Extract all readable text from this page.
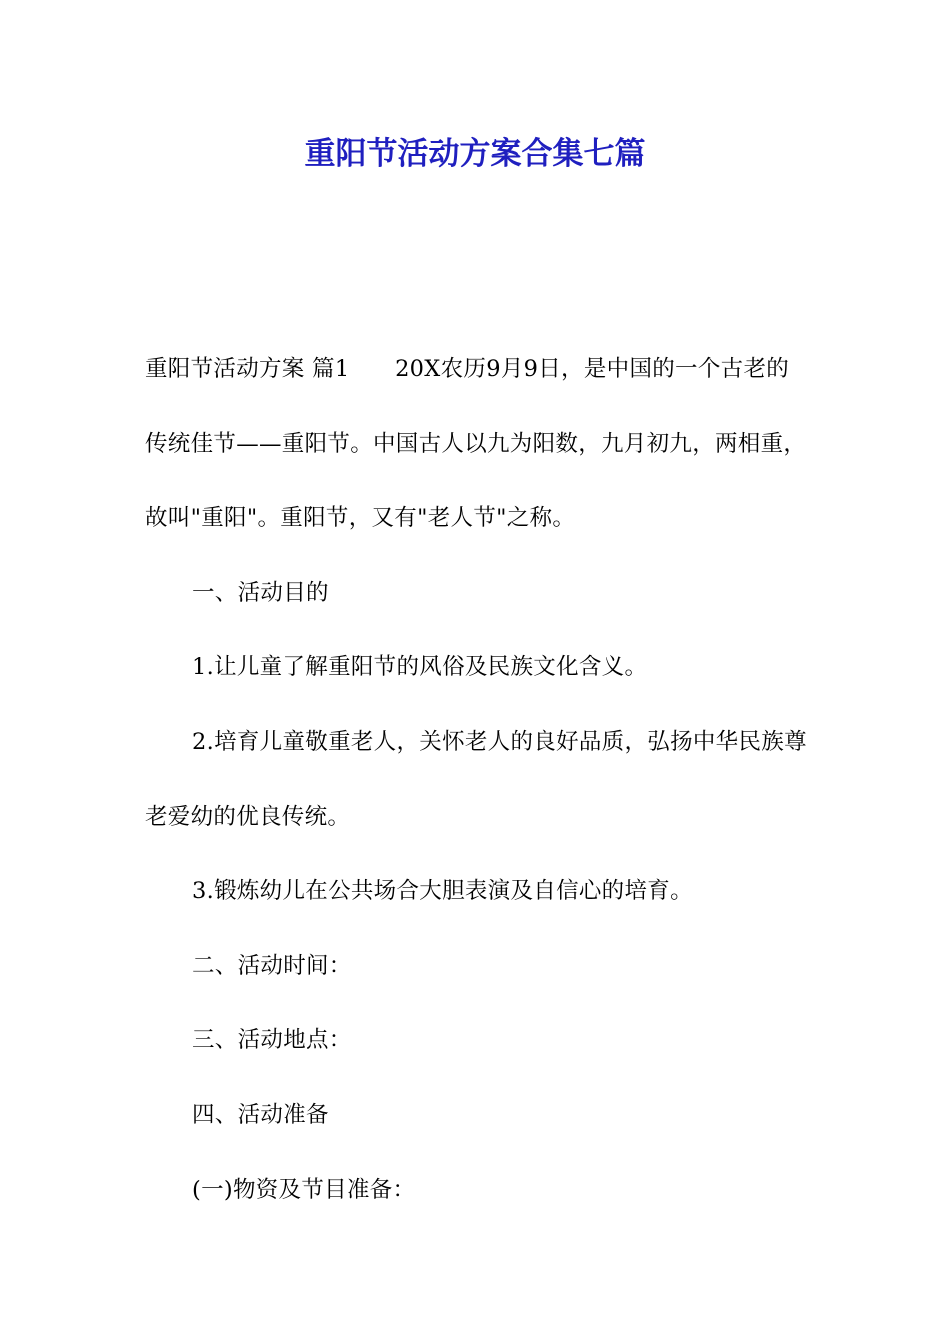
重阳节活动方案合集七篇

重阳节活动方案 篇1　　20X农历9月9日，是中国的一个古老的传统佳节——重阳节。中国古人以九为阳数，九月初九，两相重，故叫"重阳"。重阳节，又有"老人节"之称。

一、活动目的

1.让儿童了解重阳节的风俗及民族文化含义。

2.培育儿童敬重老人，关怀老人的良好品质，弘扬中华民族尊老爱幼的优良传统。

3.锻炼幼儿在公共场合大胆表演及自信心的培育。

二、活动时间：

三、活动地点：

四、活动准备

(一)物资及节目准备：
